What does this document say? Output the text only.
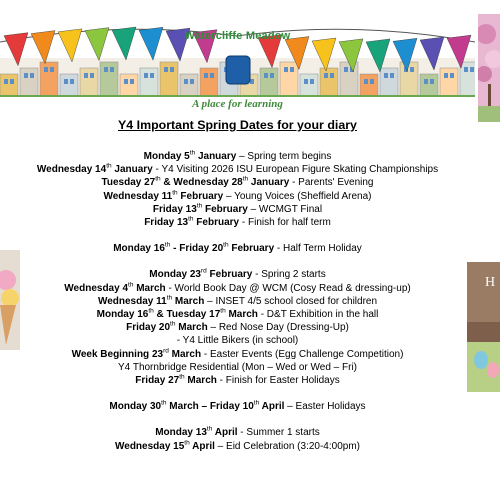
Watercliffe Meadow
A place for learning
H
Y4 Important Spring Dates for your diary
Monday 5th January – Spring term begins
Wednesday 14th January - Y4 Visiting 2026 ISU European Figure Skating Championships
Tuesday 27th & Wednesday 28th January - Parents' Evening
Wednesday 11th February – Young Voices (Sheffield Arena)
Friday 13th February – WCMGT Final
Friday 13th February - Finish for half term
Monday 16th - Friday 20th February - Half Term Holiday
Monday 23rd February - Spring 2 starts
Wednesday 4th March - World Book Day @ WCM (Cosy Read & dressing-up)
Wednesday 11th March – INSET 4/5 school closed for children
Monday 16th & Tuesday 17th March - D&T Exhibition in the hall
Friday 20th March – Red Nose Day (Dressing-Up)
- Y4 Little Bikers (in school)
Week Beginning 23rd March - Easter Events (Egg Challenge Competition)
Y4 Thornbridge Residential (Mon – Wed or Wed – Fri)
Friday 27th March - Finish for Easter Holidays
Monday 30th March – Friday 10th April – Easter Holidays
Monday 13th April - Summer 1 starts
Wednesday 15th April – Eid Celebration (3:20-4:00pm)
